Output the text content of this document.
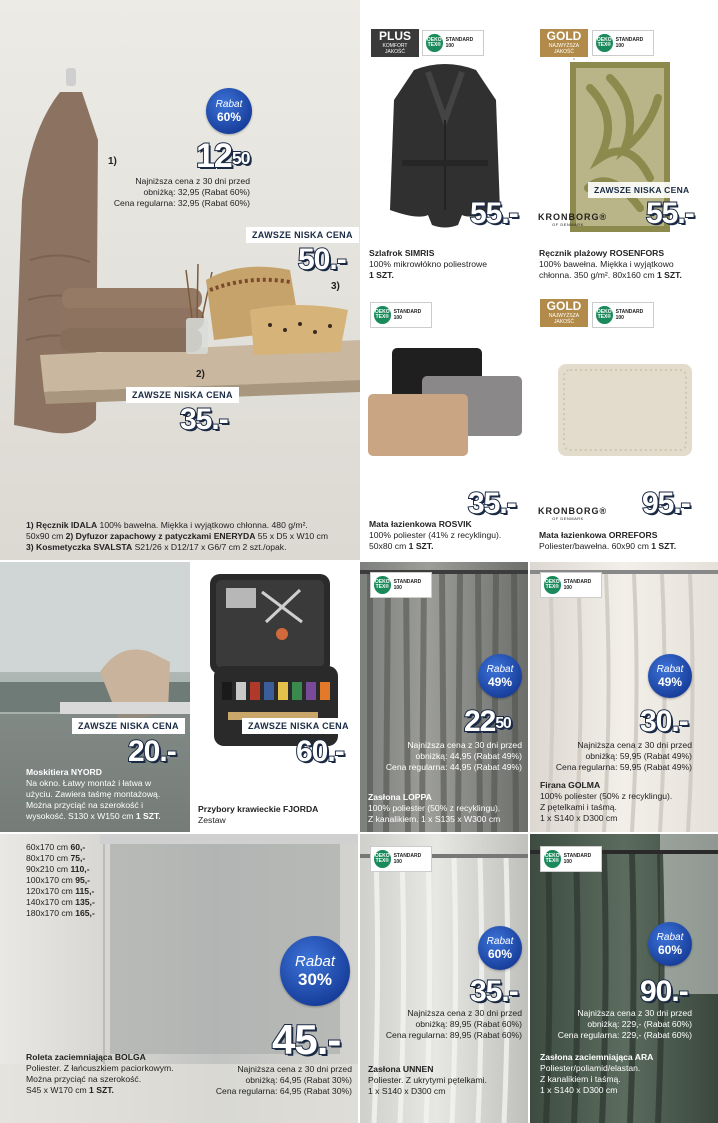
Rabat
60%
1) $12^{50}$
Najniższa cena z 30 dni przed
obniżką: 32,95 (Rabat 60%)
Cena regularna: 32,95 (Rabat 60%)
ZAWSZE NISKA CENA
50.-
3)
2)
ZAWSZE NISKA CENA
35.-
1) Ręcznik IDALA 100% bawełna. Miękka i wyjątkowo chłonna. 480 g/m².
50x90 cm 2) Dyfuzor zapachowy z patyczkami ENERYDA 55 x D5 x W10 cm
3) Kosmetyczka SVALSTA S21/26 x D12/17 x G6/7 cm 2 szt./opak.
PLUS
KOMFORT
JAKOŚĆ
OEKO TEX®
STANDARD 100
55.-
Szlafrok SIMRIS
100% mikrowłókno poliestrowe
1 SZT.
GOLD
NAJWYŻSZA
JAKOŚĆ
OEKO TEX®
STANDARD 100
ZAWSZE NISKA CENA
KRONBORG®
OF DENMARK	55.-
Ręcznik plażowy ROSENFORS
100% bawełna. Miękka i wyjątkowo
chłonna. 350 g/m². 80x160 cm 1 SZT.
OEKO TEX®
STANDARD 100
35.-
Mata łazienkowa ROSVIK
100% poliester (41% z recyklingu).
50x80 cm 1 SZT.
GOLD
NAJWYŻSZA
JAKOŚĆ
OEKO TEX®
STANDARD 100
KRONBORG®
OF DENMARK	95.-
Mata łazienkowa ORREFORS
Poliester/bawełna. 60x90 cm 1 SZT.
ZAWSZE NISKA CENA
20.-
Moskitiera NYORD
Na okno. Łatwy montaż i łatwa w
użyciu. Zawiera taśmę montażową.
Można przyciąć na szerokość i
wysokość. S130 x W150 cm 1 SZT.
ZAWSZE NISKA CENA
60.-
Przybory krawieckie FJORDA
Zestaw
OEKO TEX®
STANDARD 100
Rabat
49%
$22^{50}$
Najniższa cena z 30 dni przed
obniżką: 44,95 (Rabat 49%)
Cena regularna: 44,95 (Rabat 49%)
Zasłona LOPPA
100% poliester (50% z recyklingu).
Z kanalikiem. 1 x S135 x W300 cm
OEKO TEX®
STANDARD 100
Rabat
49%
30.-
Najniższa cena z 30 dni przed
obniżką: 59,95 (Rabat 49%)
Cena regularna: 59,95 (Rabat 49%)
Firana GOLMA
100% poliester (50% z recyklingu).
Z pętelkami i taśmą.
1 x S140 x D300 cm
60x170 cm 60,-
80x170 cm 75,-
90x210 cm 110,-
100x170 cm 95,-
120x170 cm 115,-
140x170 cm 135,-
180x170 cm 165,-
Rabat
30%
45.-
Najniższa cena z 30 dni przed
obniżką: 64,95 (Rabat 30%)
Cena regularna: 64,95 (Rabat 30%)
Roleta zaciemniająca BOLGA
Poliester. Z łańcuszkiem paciorkowym.
Można przyciąć na szerokość.
S45 x W170 cm 1 SZT.
OEKO TEX®
STANDARD 100
Rabat
60%
35.-
Najniższa cena z 30 dni przed
obniżką: 89,95 (Rabat 60%)
Cena regularna: 89,95 (Rabat 60%)
Zasłona UNNEN
Poliester. Z ukrytymi pętelkami.
1 x S140 x D300 cm
OEKO TEX®
STANDARD 100
Rabat
60%
90.-
Najniższa cena z 30 dni przed
obniżką: 229,- (Rabat 60%)
Cena regularna: 229,- (Rabat 60%)
Zasłona zaciemniająca ARA
Poliester/poliamid/elastan.
Z kanalikiem i taśmą.
1 x S140 x D300 cm
